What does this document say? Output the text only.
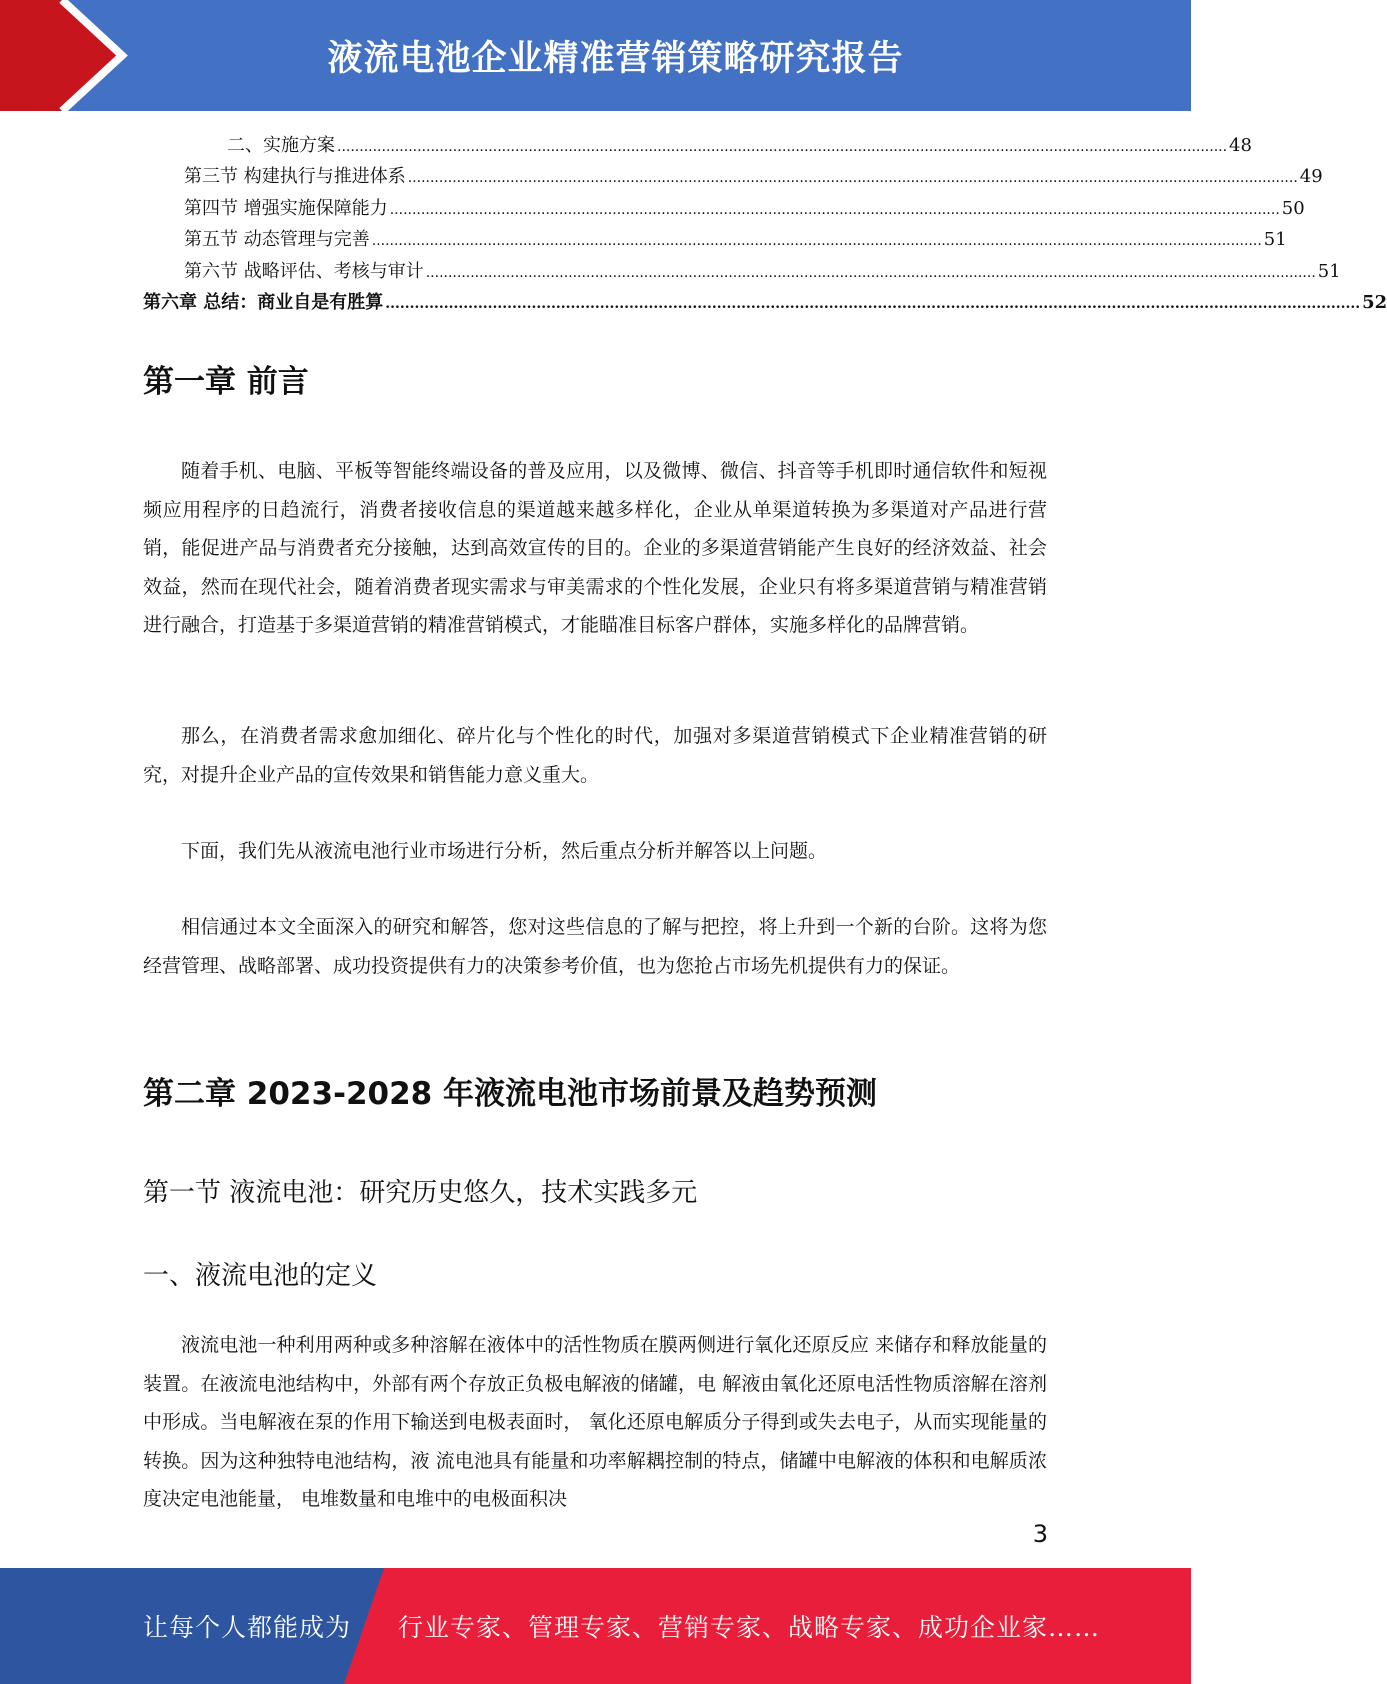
液流电池企业精准营销策略研究报告
二、实施方案 ........................................................................................................................................................................................................ 48
第三节 构建执行与推进体系 ........................................................................................................................................................................................................ 49
第四节 增强实施保障能力 ........................................................................................................................................................................................................ 50
第五节 动态管理与完善 ........................................................................................................................................................................................................ 51
第六节 战略评估、考核与审计 ........................................................................................................................................................................................................ 51
第六章 总结：商业自是有胜算 ........................................................................................................................................................................................................ 52
第一章 前言

随着手机、电脑、平板等智能终端设备的普及应用，以及微博、微信、抖音等手机即时通信软件和短视频应用程序的日趋流行，消费者接收信息的渠道越来越多样化，企业从单渠道转换为多渠道对产品进行营销，能促进产品与消费者充分接触，达到高效宣传的目的。企业的多渠道营销能产生良好的经济效益、社会效益，然而在现代社会，随着消费者现实需求与审美需求的个性化发展，企业只有将多渠道营销与精准营销进行融合，打造基于多渠道营销的精准营销模式，才能瞄准目标客户群体，实施多样化的品牌营销。

那么，在消费者需求愈加细化、碎片化与个性化的时代，加强对多渠道营销模式下企业精准营销的研究，对提升企业产品的宣传效果和销售能力意义重大。

下面，我们先从液流电池行业市场进行分析，然后重点分析并解答以上问题。

相信通过本文全面深入的研究和解答，您对这些信息的了解与把控，将上升到一个新的台阶。这将为您经营管理、战略部署、成功投资提供有力的决策参考价值，也为您抢占市场先机提供有力的保证。

第二章 2023-2028 年液流电池市场前景及趋势预测
第一节 液流电池：研究历史悠久，技术实践多元
一、液流电池的定义

液流电池一种利用两种或多种溶解在液体中的活性物质在膜两侧进行氧化还原反应 来储存和释放能量的装置。在液流电池结构中，外部有两个存放正负极电解液的储罐，电 解液由氧化还原电活性物质溶解在溶剂中形成。当电解液在泵的作用下输送到电极表面时， 氧化还原电解质分子得到或失去电子，从而实现能量的转换。因为这种独特电池结构，液 流电池具有能量和功率解耦控制的特点，储罐中电解液的体积和电解质浓度决定电池能量， 电堆数量和电堆中的电极面积决

3
让每个人都能成为 行业专家、管理专家、营销专家、战略专家、成功企业家……
